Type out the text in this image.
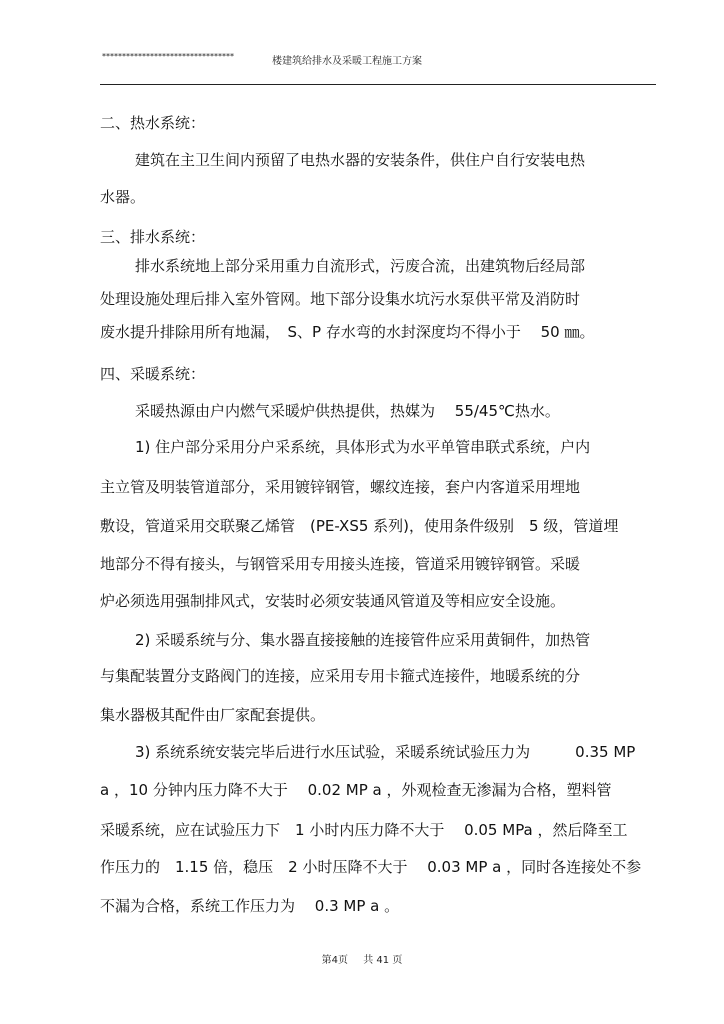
*********************************	楼建筑给排水及采暖工程施工方案
二、热水系统：
建筑在主卫生间内预留了电热水器的安装条件，供住户自行安装电热
水器。
三、排水系统：
排水系统地上部分采用重力自流形式，污废合流，出建筑物后经局部
处理设施处理后排入室外管网。地下部分设集水坑污水泵供平常及消防时
废水提升排除用所有地漏，　S、P 存水弯的水封深度均不得小于　 50 ㎜。
四、采暖系统：
采暖热源由户内燃气采暖炉供热提供，热媒为　 55/45℃热水。
1) 住户部分采用分户采系统，具体形式为水平单管串联式系统，户内
主立管及明装管道部分，采用镀锌钢管，螺纹连接，套户内客道采用埋地
敷设，管道采用交联聚乙烯管　(PE-XS5 系列)，使用条件级别　5 级，管道埋
地部分不得有接头，与钢管采用专用接头连接，管道采用镀锌钢管。采暖
炉必须选用强制排风式，安装时必须安装通风管道及等相应安全设施。
2) 采暖系统与分、集水器直接接触的连接管件应采用黄铜件，加热管
与集配装置分支路阀门的连接，应采用专用卡箍式连接件，地暖系统的分
集水器极其配件由厂家配套提供。
3) 系统系统安装完毕后进行水压试验，采暖系统试验压力为　　　0.35 MP
a ，10 分钟内压力降不大于　 0.02 MP a ，外观检查无渗漏为合格，塑料管
采暖系统，应在试验压力下　1 小时内压力降不大于　 0.05 MPa ，然后降至工
作压力的　1.15 倍，稳压　2 小时压降不大于　 0.03 MP a ，同时各连接处不参
不漏为合格，系统工作压力为　 0.3 MP a 。
第4页 共 41 页
